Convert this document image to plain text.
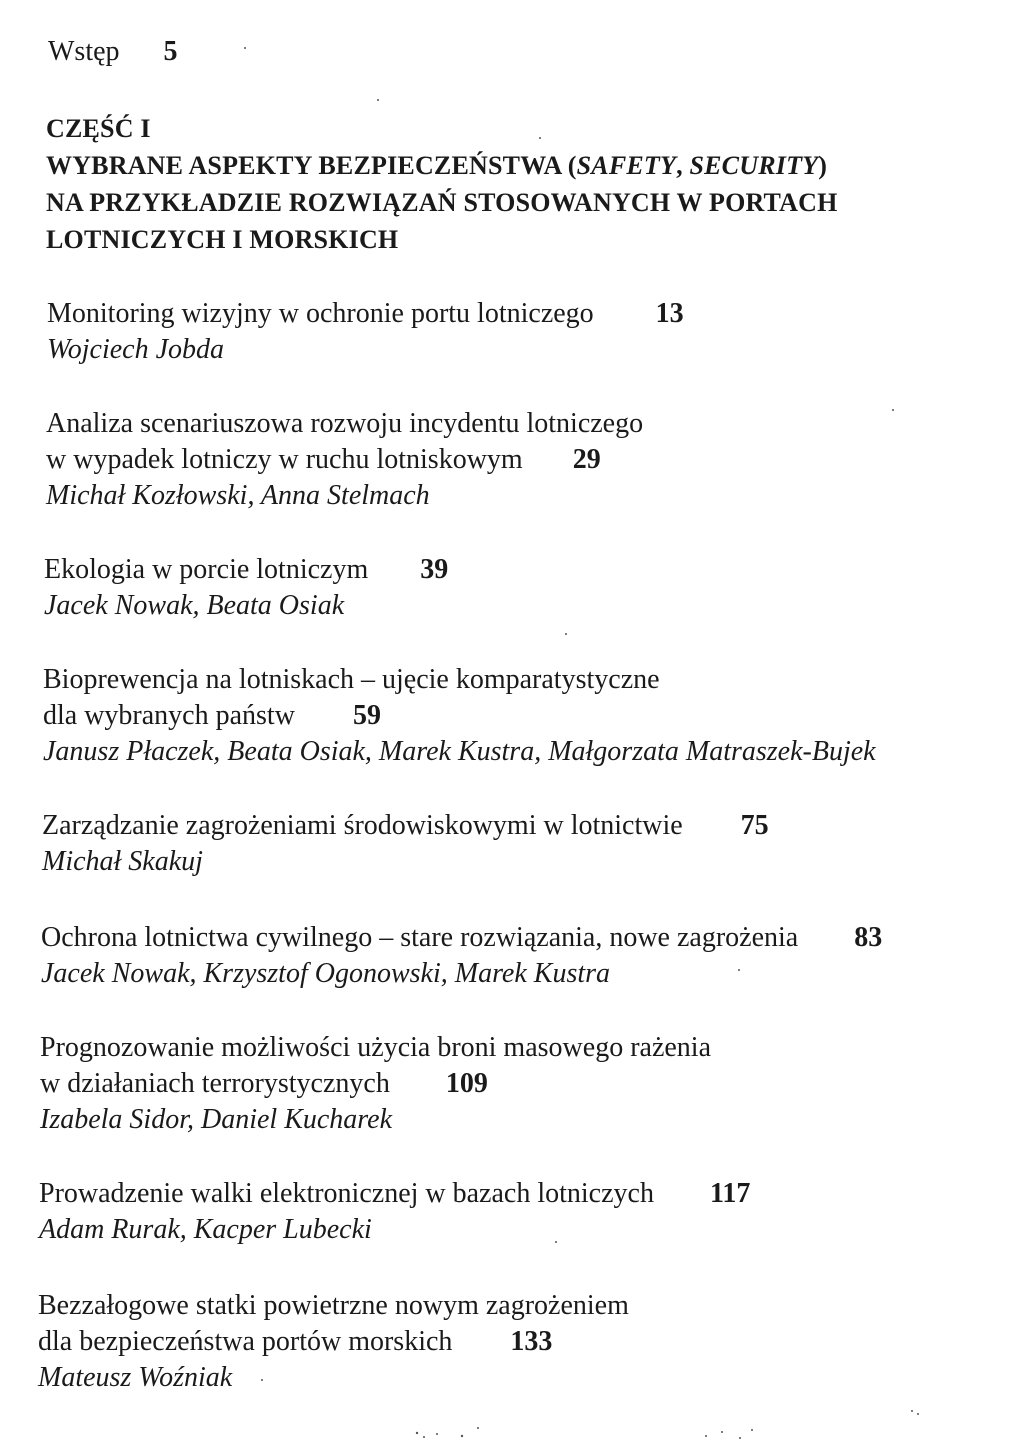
Wstęp 5
CZĘŚĆ I
WYBRANE ASPEKTY BEZPIECZEŃSTWA (SAFETY, SECURITY)
NA PRZYKŁADZIE ROZWIĄZAŃ STOSOWANYCH W PORTACH
LOTNICZYCH I MORSKICH
Monitoring wizyjny w ochronie portu lotniczego 13
Wojciech Jobda
Analiza scenariuszowa rozwoju incydentu lotniczego
w wypadek lotniczy w ruchu lotniskowym 29
Michał Kozłowski, Anna Stelmach
Ekologia w porcie lotniczym 39
Jacek Nowak, Beata Osiak
Bioprewencja na lotniskach – ujęcie komparatystyczne
dla wybranych państw 59
Janusz Płaczek, Beata Osiak, Marek Kustra, Małgorzata Matraszek-Bujek
Zarządzanie zagrożeniami środowiskowymi w lotnictwie 75
Michał Skakuj
Ochrona lotnictwa cywilnego – stare rozwiązania, nowe zagrożenia 83
Jacek Nowak, Krzysztof Ogonowski, Marek Kustra
Prognozowanie możliwości użycia broni masowego rażenia
w działaniach terrorystycznych 109
Izabela Sidor, Daniel Kucharek
Prowadzenie walki elektronicznej w bazach lotniczych 117
Adam Rurak, Kacper Lubecki
Bezzałogowe statki powietrzne nowym zagrożeniem
dla bezpieczeństwa portów morskich 133
Mateusz Woźniak
